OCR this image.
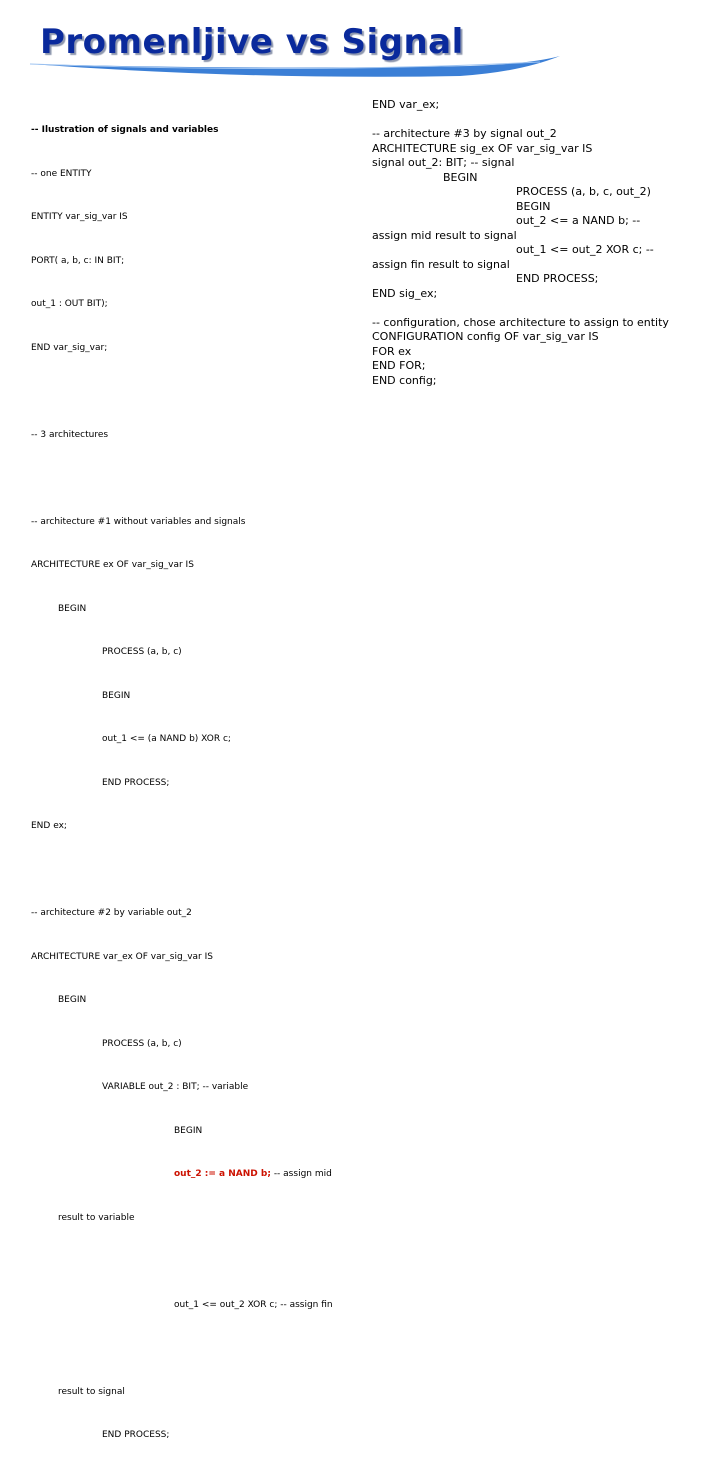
Promenljive vs Signal

-- Ilustration of signals and variables

-- one ENTITY

ENTITY var_sig_var IS

PORT( a, b, c: IN BIT;

out_1 : OUT BIT);

END var_sig_var;

-- 3 architectures

-- architecture #1 without variables and signals

ARCHITECTURE ex OF var_sig_var IS

BEGIN

PROCESS (a, b, c)

BEGIN

out_1 <= (a NAND b) XOR c;

END PROCESS;

END ex;

-- architecture #2 by variable out_2

ARCHITECTURE var_ex OF var_sig_var IS

BEGIN

PROCESS (a, b, c)

VARIABLE out_2 : BIT; -- variable

BEGIN

out_2 := a NAND b; -- assign mid

result to variable

out_1 <= out_2 XOR c; -- assign fin

result to signal

END PROCESS;

END var_ex;
-- architecture #3 by signal out_2
ARCHITECTURE sig_ex OF var_sig_var IS
signal out_2: BIT; -- signal
BEGIN
PROCESS (a, b, c, out_2)
BEGIN
out_2 <= a NAND b; --
assign mid result to signal
out_1 <= out_2 XOR c; --
assign fin result to signal
END PROCESS;
END sig_ex;
-- configuration, chose architecture to assign to entity
CONFIGURATION config OF var_sig_var IS
FOR ex
END FOR;
END config;
